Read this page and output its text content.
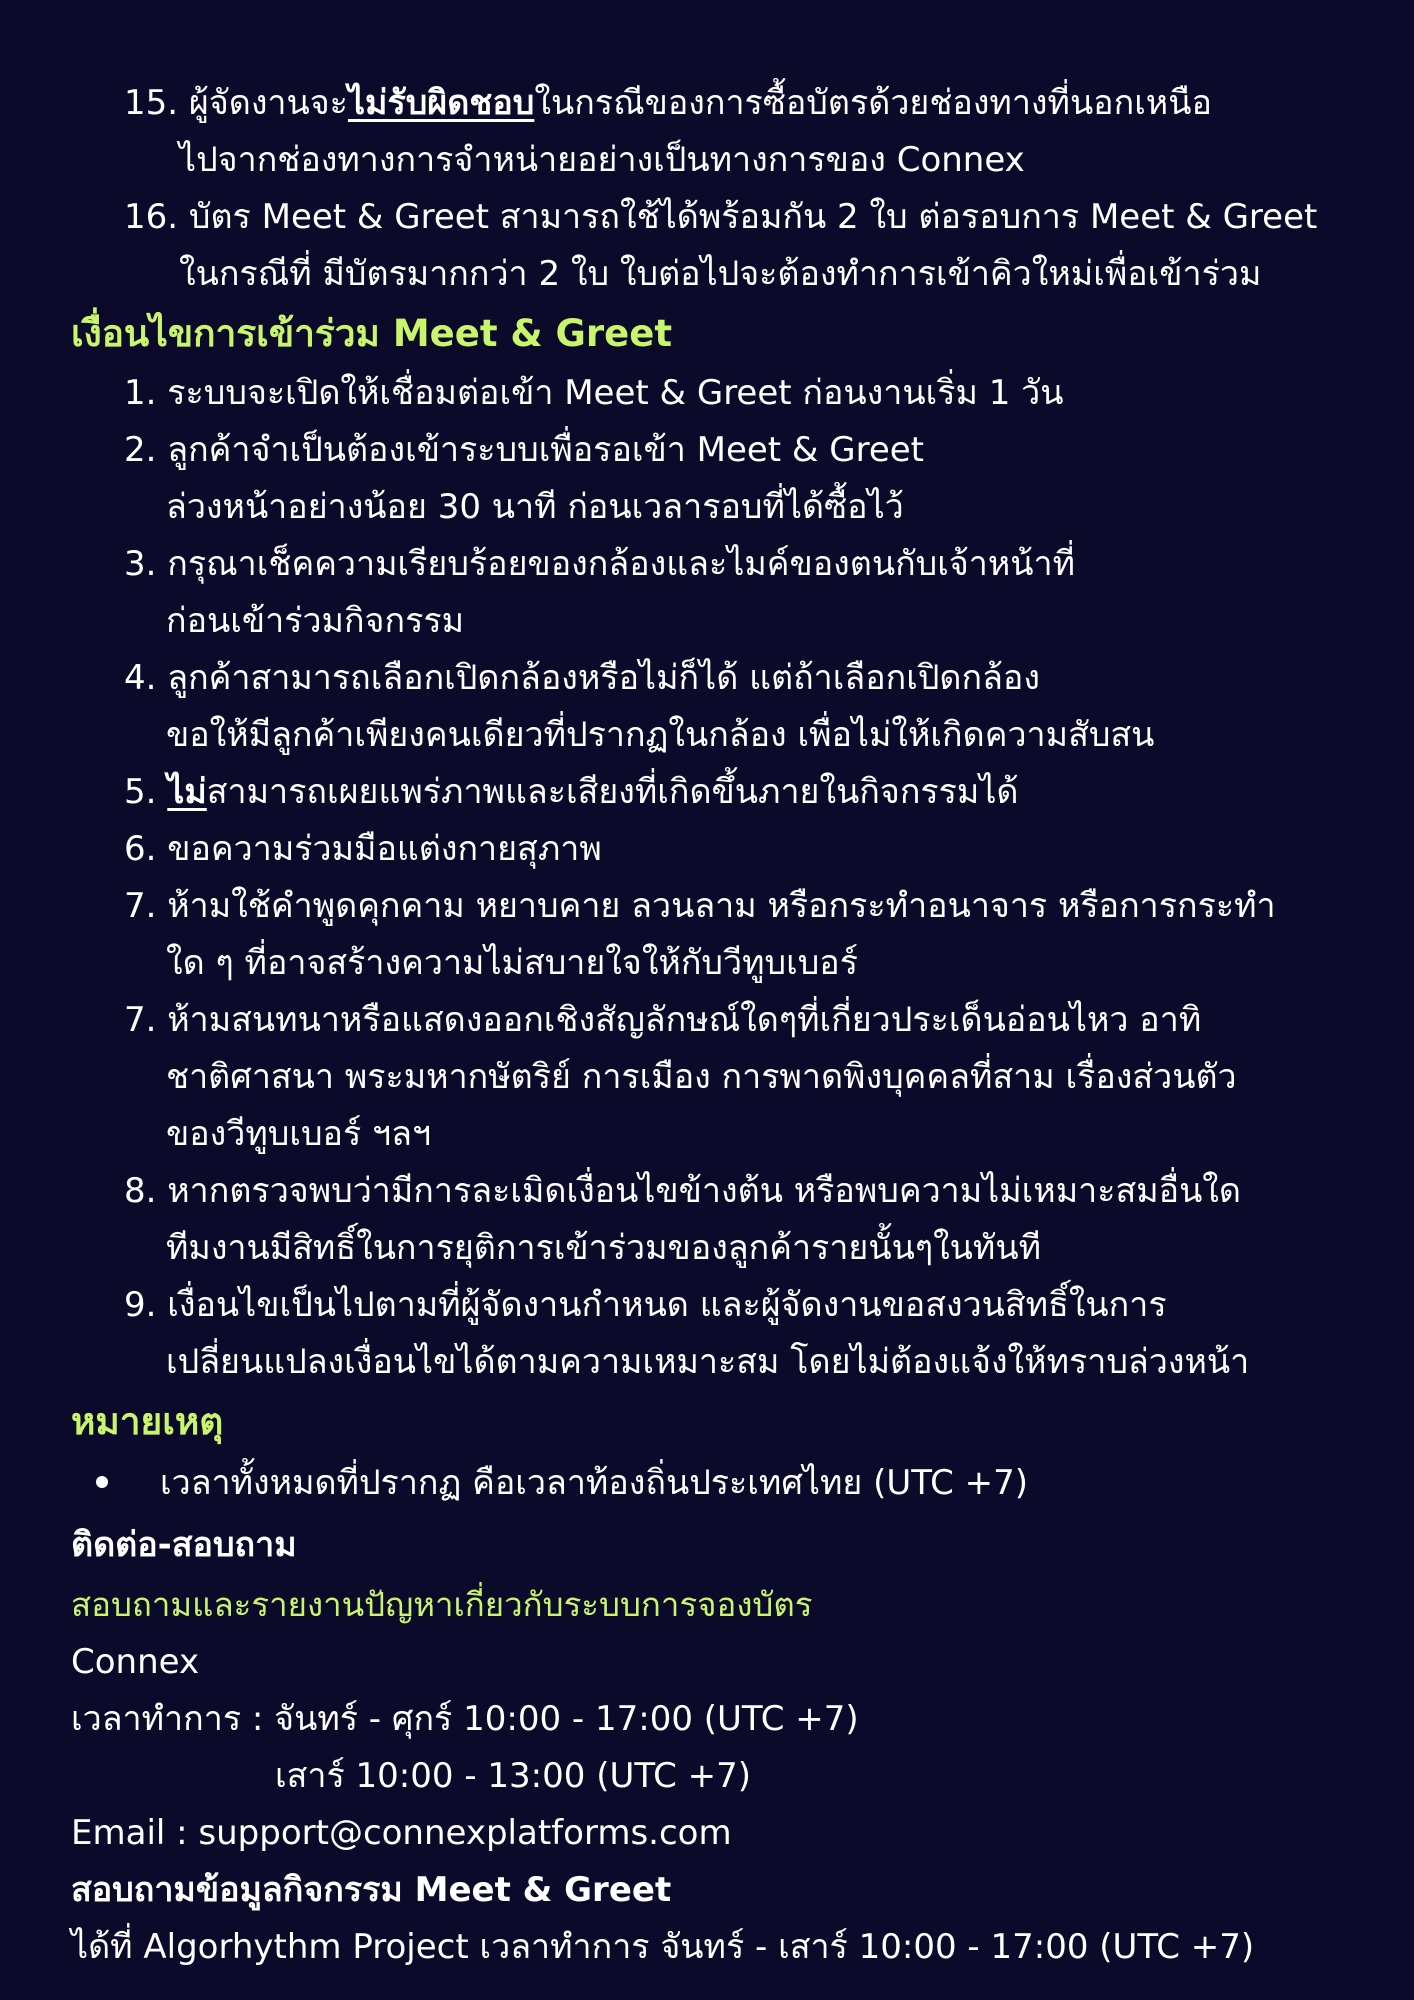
15. ผู้จัดงานจะไม่รับผิดชอบในกรณีของการซื้อบัตรด้วยช่องทางที่นอกเหนือ
ไปจากช่องทางการจำหน่ายอย่างเป็นทางการของ Connex
16. บัตร Meet & Greet สามารถใช้ได้พร้อมกัน 2 ใบ ต่อรอบการ Meet & Greet
ในกรณีที่ มีบัตรมากกว่า 2 ใบ ใบต่อไปจะต้องทำการเข้าคิวใหม่เพื่อเข้าร่วม
เงื่อนไขการเข้าร่วม Meet & Greet
1. ระบบจะเปิดให้เชื่อมต่อเข้า Meet & Greet ก่อนงานเริ่ม 1 วัน
2. ลูกค้าจำเป็นต้องเข้าระบบเพื่อรอเข้า Meet & Greet
ล่วงหน้าอย่างน้อย 30 นาที ก่อนเวลารอบที่ได้ซื้อไว้
3. กรุณาเช็คความเรียบร้อยของกล้องและไมค์ของตนกับเจ้าหน้าที่
ก่อนเข้าร่วมกิจกรรม
4. ลูกค้าสามารถเลือกเปิดกล้องหรือไม่ก็ได้ แต่ถ้าเลือกเปิดกล้อง
ขอให้มีลูกค้าเพียงคนเดียวที่ปรากฏในกล้อง เพื่อไม่ให้เกิดความสับสน
5. ไม่สามารถเผยแพร่ภาพและเสียงที่เกิดขึ้นภายในกิจกรรมได้
6. ขอความร่วมมือแต่งกายสุภาพ
7. ห้ามใช้คำพูดคุกคาม หยาบคาย ลวนลาม หรือกระทำอนาจาร หรือการกระทำ
ใด ๆ ที่อาจสร้างความไม่สบายใจให้กับวีทูบเบอร์
7. ห้ามสนทนาหรือแสดงออกเชิงสัญลักษณ์ใดๆที่เกี่ยวประเด็นอ่อนไหว อาทิ
ชาติศาสนา พระมหากษัตริย์ การเมือง การพาดพิงบุคคลที่สาม เรื่องส่วนตัว
ของวีทูบเบอร์ ฯลฯ
8. หากตรวจพบว่ามีการละเมิดเงื่อนไขข้างต้น หรือพบความไม่เหมาะสมอื่นใด
ทีมงานมีสิทธิ์ในการยุติการเข้าร่วมของลูกค้ารายนั้นๆในทันที
9. เงื่อนไขเป็นไปตามที่ผู้จัดงานกำหนด และผู้จัดงานขอสงวนสิทธิ์ในการ
เปลี่ยนแปลงเงื่อนไขได้ตามความเหมาะสม โดยไม่ต้องแจ้งให้ทราบล่วงหน้า
หมายเหตุ
เวลาทั้งหมดที่ปรากฏ คือเวลาท้องถิ่นประเทศไทย (UTC +7)
ติดต่อ-สอบถาม
สอบถามและรายงานปัญหาเกี่ยวกับระบบการจองบัตร
Connex
เวลาทำการ : จันทร์ - ศุกร์ 10:00 - 17:00 (UTC +7)
เสาร์ 10:00 - 13:00 (UTC +7)
Email : support@connexplatforms.com
สอบถามข้อมูลกิจกรรม Meet & Greet
ได้ที่ Algorhythm Project เวลาทำการ จันทร์ - เสาร์ 10:00 - 17:00 (UTC +7)
